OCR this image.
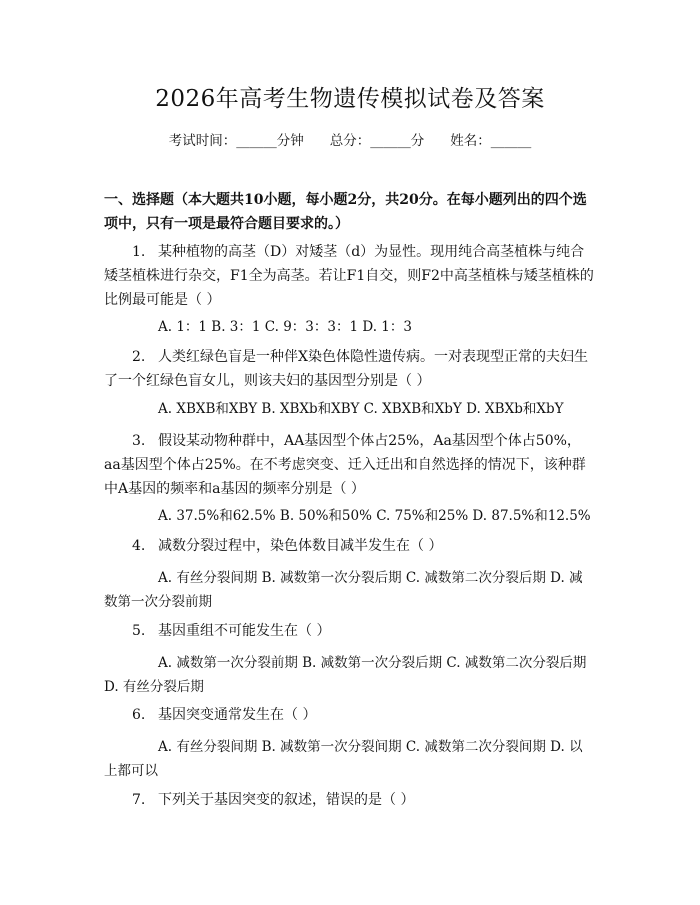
2026年高考生物遗传模拟试卷及答案
考试时间：______分钟 总分：______分 姓名：______
一、选择题（本大题共10小题，每小题2分，共20分。在每小题列出的四个选项中，只有一项是最符合题目要求的。）
1. 某种植物的高茎（D）对矮茎（d）为显性。现用纯合高茎植株与纯合矮茎植株进行杂交，F1全为高茎。若让F1自交，则F2中高茎植株与矮茎植株的比例最可能是（ ）
A. 1：1 B. 3：1 C. 9：3：3：1 D. 1：3
2. 人类红绿色盲是一种伴X染色体隐性遗传病。一对表现型正常的夫妇生了一个红绿色盲女儿，则该夫妇的基因型分别是（ ）
A. XBXB和XBY B. XBXb和XBY C. XBXB和XbY D. XBXb和XbY
3. 假设某动物种群中，AA基因型个体占25%，Aa基因型个体占50%，aa基因型个体占25%。在不考虑突变、迁入迁出和自然选择的情况下，该种群中A基因的频率和a基因的频率分别是（ ）
A. 37.5%和62.5% B. 50%和50% C. 75%和25% D. 87.5%和12.5%
4. 减数分裂过程中，染色体数目减半发生在（ ）
A. 有丝分裂间期 B. 减数第一次分裂后期 C. 减数第二次分裂后期 D. 减数第一次分裂前期
5. 基因重组不可能发生在（ ）
A. 减数第一次分裂前期 B. 减数第一次分裂后期 C. 减数第二次分裂后期 D. 有丝分裂后期
6. 基因突变通常发生在（ ）
A. 有丝分裂间期 B. 减数第一次分裂间期 C. 减数第二次分裂间期 D. 以上都可以
7. 下列关于基因突变的叙述，错误的是（ ）
